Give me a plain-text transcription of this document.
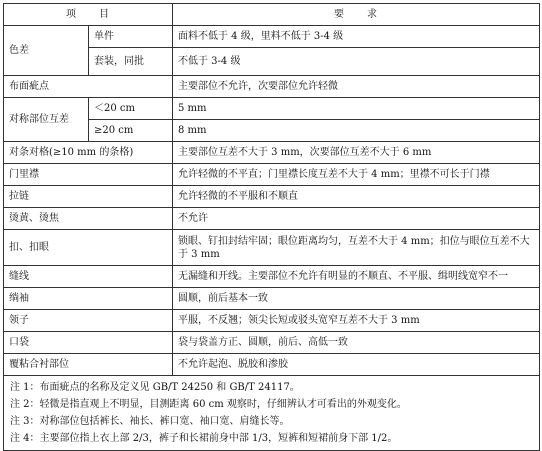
项　　目		要　　求
色差	单件	面料不低于 4 级，里料不低于 3-4 级
	套装，同批	不低于 3-4 级
布面疵点		主要部位不允许，次要部位允许轻微
对称部位互差	＜20 cm	5 mm
	≥20 cm	8 mm
对条对格(≥10 mm 的条格)		主要部位互差不大于 3 mm，次要部位互差不大于 6 mm
门里襟		允许轻微的不平直；门里襟长度互差不大于 4 mm；里襟不可长于门襟
拉链		允许轻微的不平服和不顺直
烫黄、烫焦		不允许
扣、扣眼		锁眼、钉扣封结牢固；眼位距离均匀，互差不大于 4 mm；扣位与眼位互差不大于 3 mm
缝线		无漏缝和开线。主要部位不允许有明显的不顺直、不平服、缉明线宽窄不一
绱袖		圆顺，前后基本一致
领子		平服，不反翘；领尖长短或驳头宽窄互差不大于 3 mm
口袋		袋与袋盖方正、圆顺，前后、高低一致
覆粘合衬部位		不允许起泡、脱胶和渗胶

注 1：布面疵点的名称及定义见 GB/T 24250 和 GB/T 24117。
注 2：轻微是指直观上不明显，目测距离 60 cm 观察时，仔细辨认才可看出的外观变化。
注 3：对称部位包括裤长、袖长、裤口宽、袖口宽、肩缝长等。
注 4：主要部位指上衣上部 2/3，裤子和长裙前身中部 1/3，短裤和短裙前身下部 1/2。		
